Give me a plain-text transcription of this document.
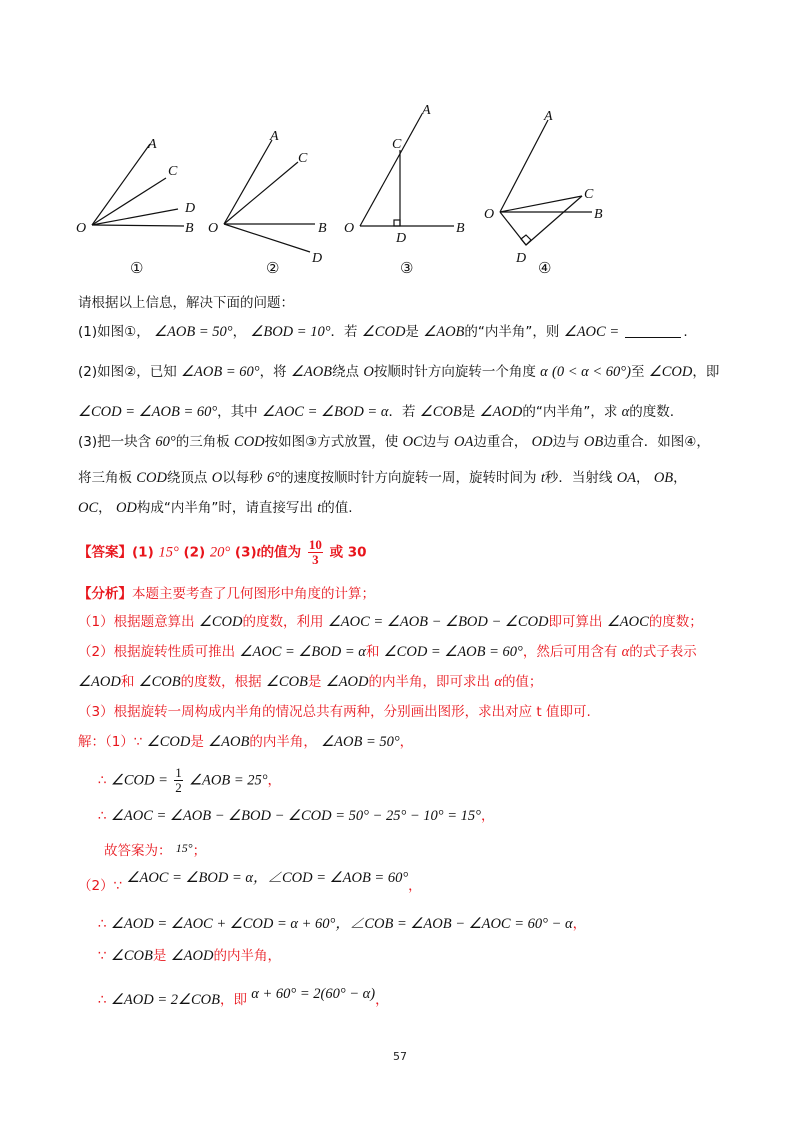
A
C
D
O	B
①
A
C
O	B
D
②
A
C
O
D
B
③
A
C
O	B
D
④
请根据以上信息，解决下面的问题：
(1)如图①， ∠AOB = 50°， ∠BOD = 10°．若 ∠COD是 ∠AOB的“内半角”，则 ∠AOC =	.
(2)如图②，已知 ∠AOB = 60°，将 ∠AOB绕点 O按顺时针方向旋转一个角度 α (0 < α < 60°)至 ∠COD，即
∠COD = ∠AOB = 60°，其中 ∠AOC = ∠BOD = α．若 ∠COB是 ∠AOD的“内半角”，求 α的度数.
(3)把一块含 60°的三角板 COD按如图③方式放置，使 OC边与 OA边重合， OD边与 OB边重合．如图④，
将三角板 COD绕顶点 O以每秒 6°的速度按顺时针方向旋转一周，旋转时间为 t秒．当射线 OA， OB，
OC， OD构成“内半角”时，请直接写出 t的值.
【答案】(1) 15° (2) 20° (3)t的值为 $\frac{10}{3}$ 或 30
【分析】本题主要考查了几何图形中角度的计算；
（1）根据题意算出 ∠COD的度数，利用 ∠AOC = ∠AOB − ∠BOD − ∠COD即可算出 ∠AOC的度数；
（2）根据旋转性质可推出 ∠AOC = ∠BOD = α和 ∠COD = ∠AOB = 60°，然后可用含有 α的式子表示
∠AOD和 ∠COB的度数，根据 ∠COB是 ∠AOD的内半角，即可求出 α的值；
（3）根据旋转一周构成内半角的情况总共有两种，分别画出图形，求出对应 t 值即可.
解：（1）∵ ∠COD是 ∠AOB的内半角， ∠AOB = 50°，
∴ ∠COD = $\frac{1}{2}$ ∠AOB = 25°，
∴ ∠AOC = ∠AOB − ∠BOD − ∠COD = 50° − 25° − 10° = 15°，
故答案为： 15°；
（2）∵ ∠AOC = ∠BOD = α，∠COD = ∠AOB = 60°，
∴ ∠AOD = ∠AOC + ∠COD = α + 60°，∠COB = ∠AOB − ∠AOC = 60° − α，
∵ ∠COB是 ∠AOD的内半角，
∴ ∠AOD = 2∠COB，即 α + 60° = 2(60° − α)，
57
